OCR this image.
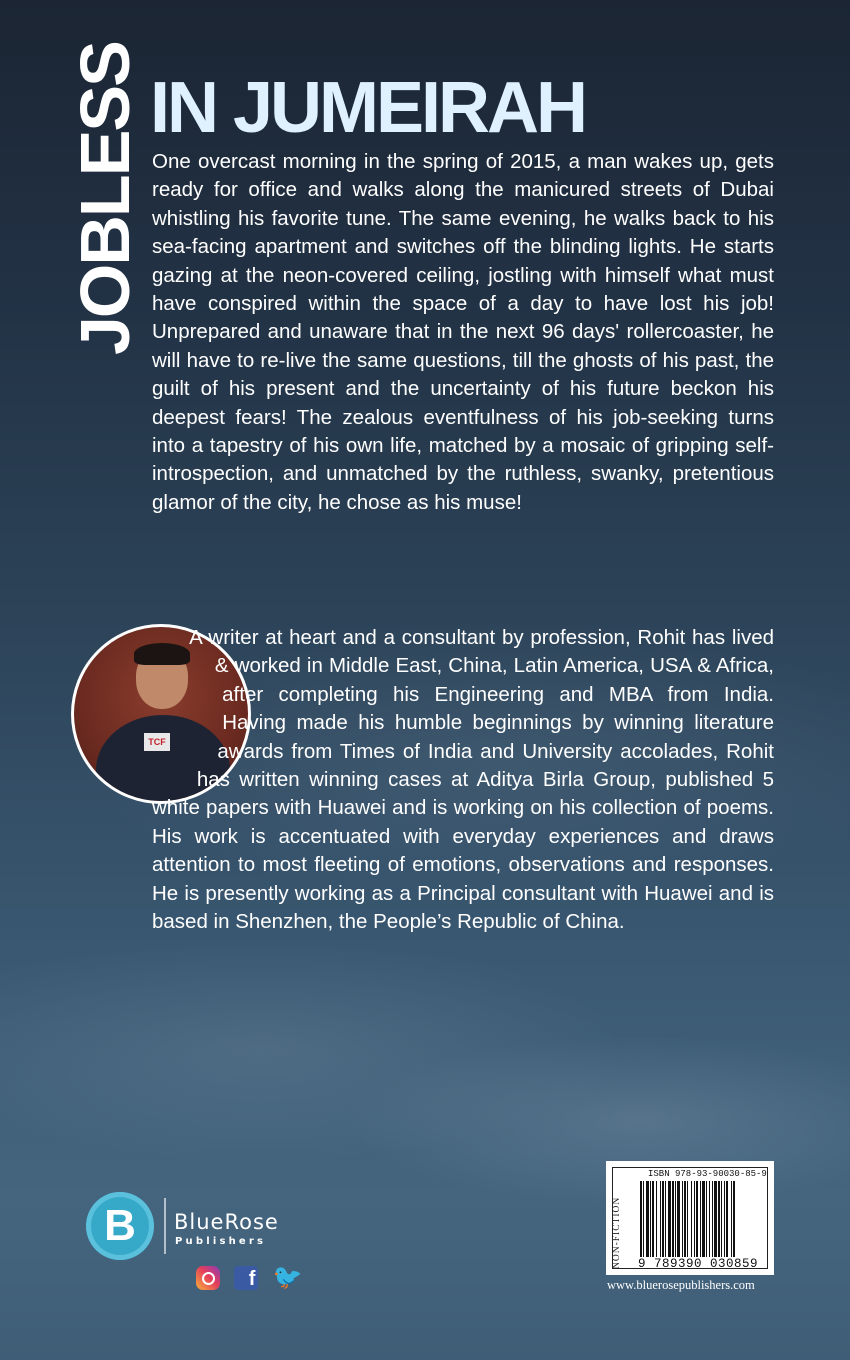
JOBLESS IN JUMEIRAH

One overcast morning in the spring of 2015, a man wakes up, gets ready for office and walks along the manicured streets of Dubai whistling his favorite tune. The same evening, he walks back to his sea-facing apartment and switches off the blinding lights. He starts gazing at the neon-covered ceiling, jostling with himself what must have conspired within the space of a day to have lost his job! Unprepared and unaware that in the next 96 days' rollercoaster, he will have to re-live the same questions, till the ghosts of his past, the guilt of his present and the uncertainty of his future beckon his deepest fears! The zealous eventfulness of his job-seeking turns into a tapestry of his own life, matched by a mosaic of gripping self-introspection, and unmatched by the ruthless, swanky, pretentious glamor of the city, he chose as his muse!

TCF

A writer at heart and a consultant by profession, Rohit has lived & worked in Middle East, China, Latin America, USA & Africa, after completing his Engineering and MBA from India. Having made his humble beginnings by winning literature awards from Times of India and University accolades, Rohit has written winning cases at Aditya Birla Group, published 5 white papers with Huawei and is working on his collection of poems. His work is accentuated with everyday experiences and draws attention to most fleeting of emotions, observations and responses. He is presently working as a Principal consultant with Huawei and is based in Shenzhen, the People’s Republic of China.

B BlueRose
Publishers
f 🐦
NON-FICTION
ISBN 978-93-90030-85-9
9 789390 030859
www.bluerosepublishers.com
